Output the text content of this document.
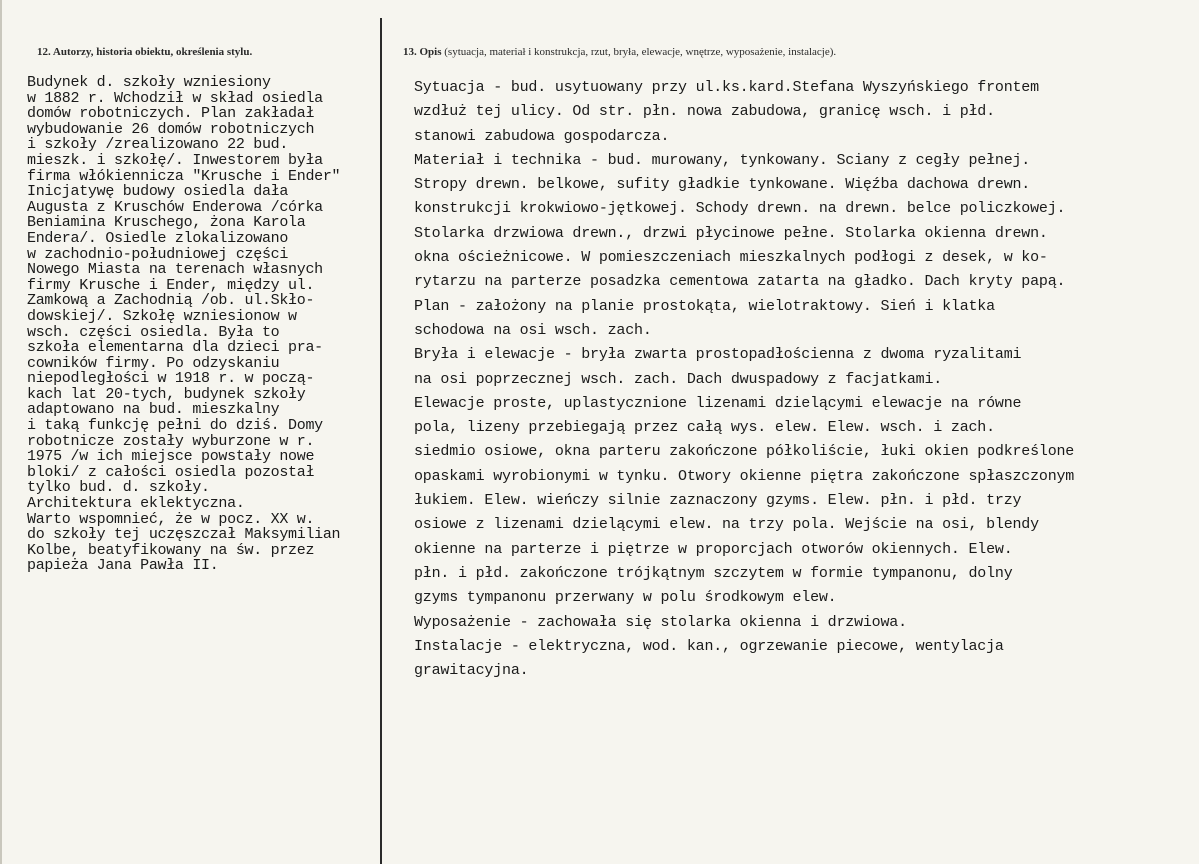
12. Autorzy, historia obiektu, określenia stylu.	13. Opis (sytuacja, materiał i konstrukcja, rzut, bryła, elewacje, wnętrze, wyposażenie, instalacje).
Budynek d. szkoły wzniesiony
w 1882 r. Wchodził w skład osiedla
domów robotniczych. Plan zakładał
wybudowanie 26 domów robotniczych
i szkoły /zrealizowano 22 bud.
mieszk. i szkołę/. Inwestorem była
firma włókiennicza "Krusche i Ender"
Inicjatywę budowy osiedla dała
Augusta z Kruschów Enderowa /córka
Beniamina Kruschego, żona Karola
Endera/. Osiedle zlokalizowano
w zachodnio-południowej części
Nowego Miasta na terenach własnych
firmy Krusche i Ender, między ul.
Zamkową a Zachodnią /ob. ul.Skło-
dowskiej/. Szkołę wzniesionow w
wsch. części osiedla. Była to
szkoła elementarna dla dzieci pra-
cowników firmy. Po odzyskaniu
niepodległości w 1918 r. w począ-
kach lat 20-tych, budynek szkoły
adaptowano na bud. mieszkalny
i taką funkcję pełni do dziś. Domy
robotnicze zostały wyburzone w r.
1975 /w ich miejsce powstały nowe
bloki/ z całości osiedla pozostał
tylko bud. d. szkoły.
Architektura eklektyczna.
Warto wspomnieć, że w pocz. XX w.
do szkoły tej uczęszczał Maksymilian
Kolbe, beatyfikowany na św. przez
papieża Jana Pawła II.
Sytuacja - bud. usytuowany przy ul.ks.kard.Stefana Wyszyńskiego frontem
wzdłuż tej ulicy. Od str. płn. nowa zabudowa, granicę wsch. i płd.
stanowi zabudowa gospodarcza.
Materiał i technika - bud. murowany, tynkowany. Sciany z cegły pełnej.
Stropy drewn. belkowe, sufity gładkie tynkowane. Więźba dachowa drewn.
konstrukcji krokwiowo-jętkowej. Schody drewn. na drewn. belce policzkowej.
Stolarka drzwiowa drewn., drzwi płycinowe pełne. Stolarka okienna drewn.
okna ościeżnicowe. W pomieszczeniach mieszkalnych podłogi z desek, w ko-
rytarzu na parterze posadzka cementowa zatarta na gładko. Dach kryty papą.
Plan - założony na planie prostokąta, wielotraktowy. Sień i klatka
schodowa na osi wsch. zach.
Bryła i elewacje - bryła zwarta prostopadłościenna z dwoma ryzalitami
na osi poprzecznej wsch. zach. Dach dwuspadowy z facjatkami.
Elewacje proste, uplastycznione lizenami dzielącymi elewacje na równe
pola, lizeny przebiegają przez całą wys. elew. Elew. wsch. i zach.
siedmio osiowe, okna parteru zakończone półkoliście, łuki okien podkreślone
opaskami wyrobionymi w tynku. Otwory okienne piętra zakończone spłaszczonym
łukiem. Elew. wieńczy silnie zaznaczony gzyms. Elew. płn. i płd. trzy
osiowe z lizenami dzielącymi elew. na trzy pola. Wejście na osi, blendy
okienne na parterze i piętrze w proporcjach otworów okiennych. Elew.
płn. i płd. zakończone trójkątnym szczytem w formie tympanonu, dolny
gzyms tympanonu przerwany w polu środkowym elew.
Wyposażenie - zachowała się stolarka okienna i drzwiowa.
Instalacje - elektryczna, wod. kan., ogrzewanie piecowe, wentylacja
grawitacyjna.
